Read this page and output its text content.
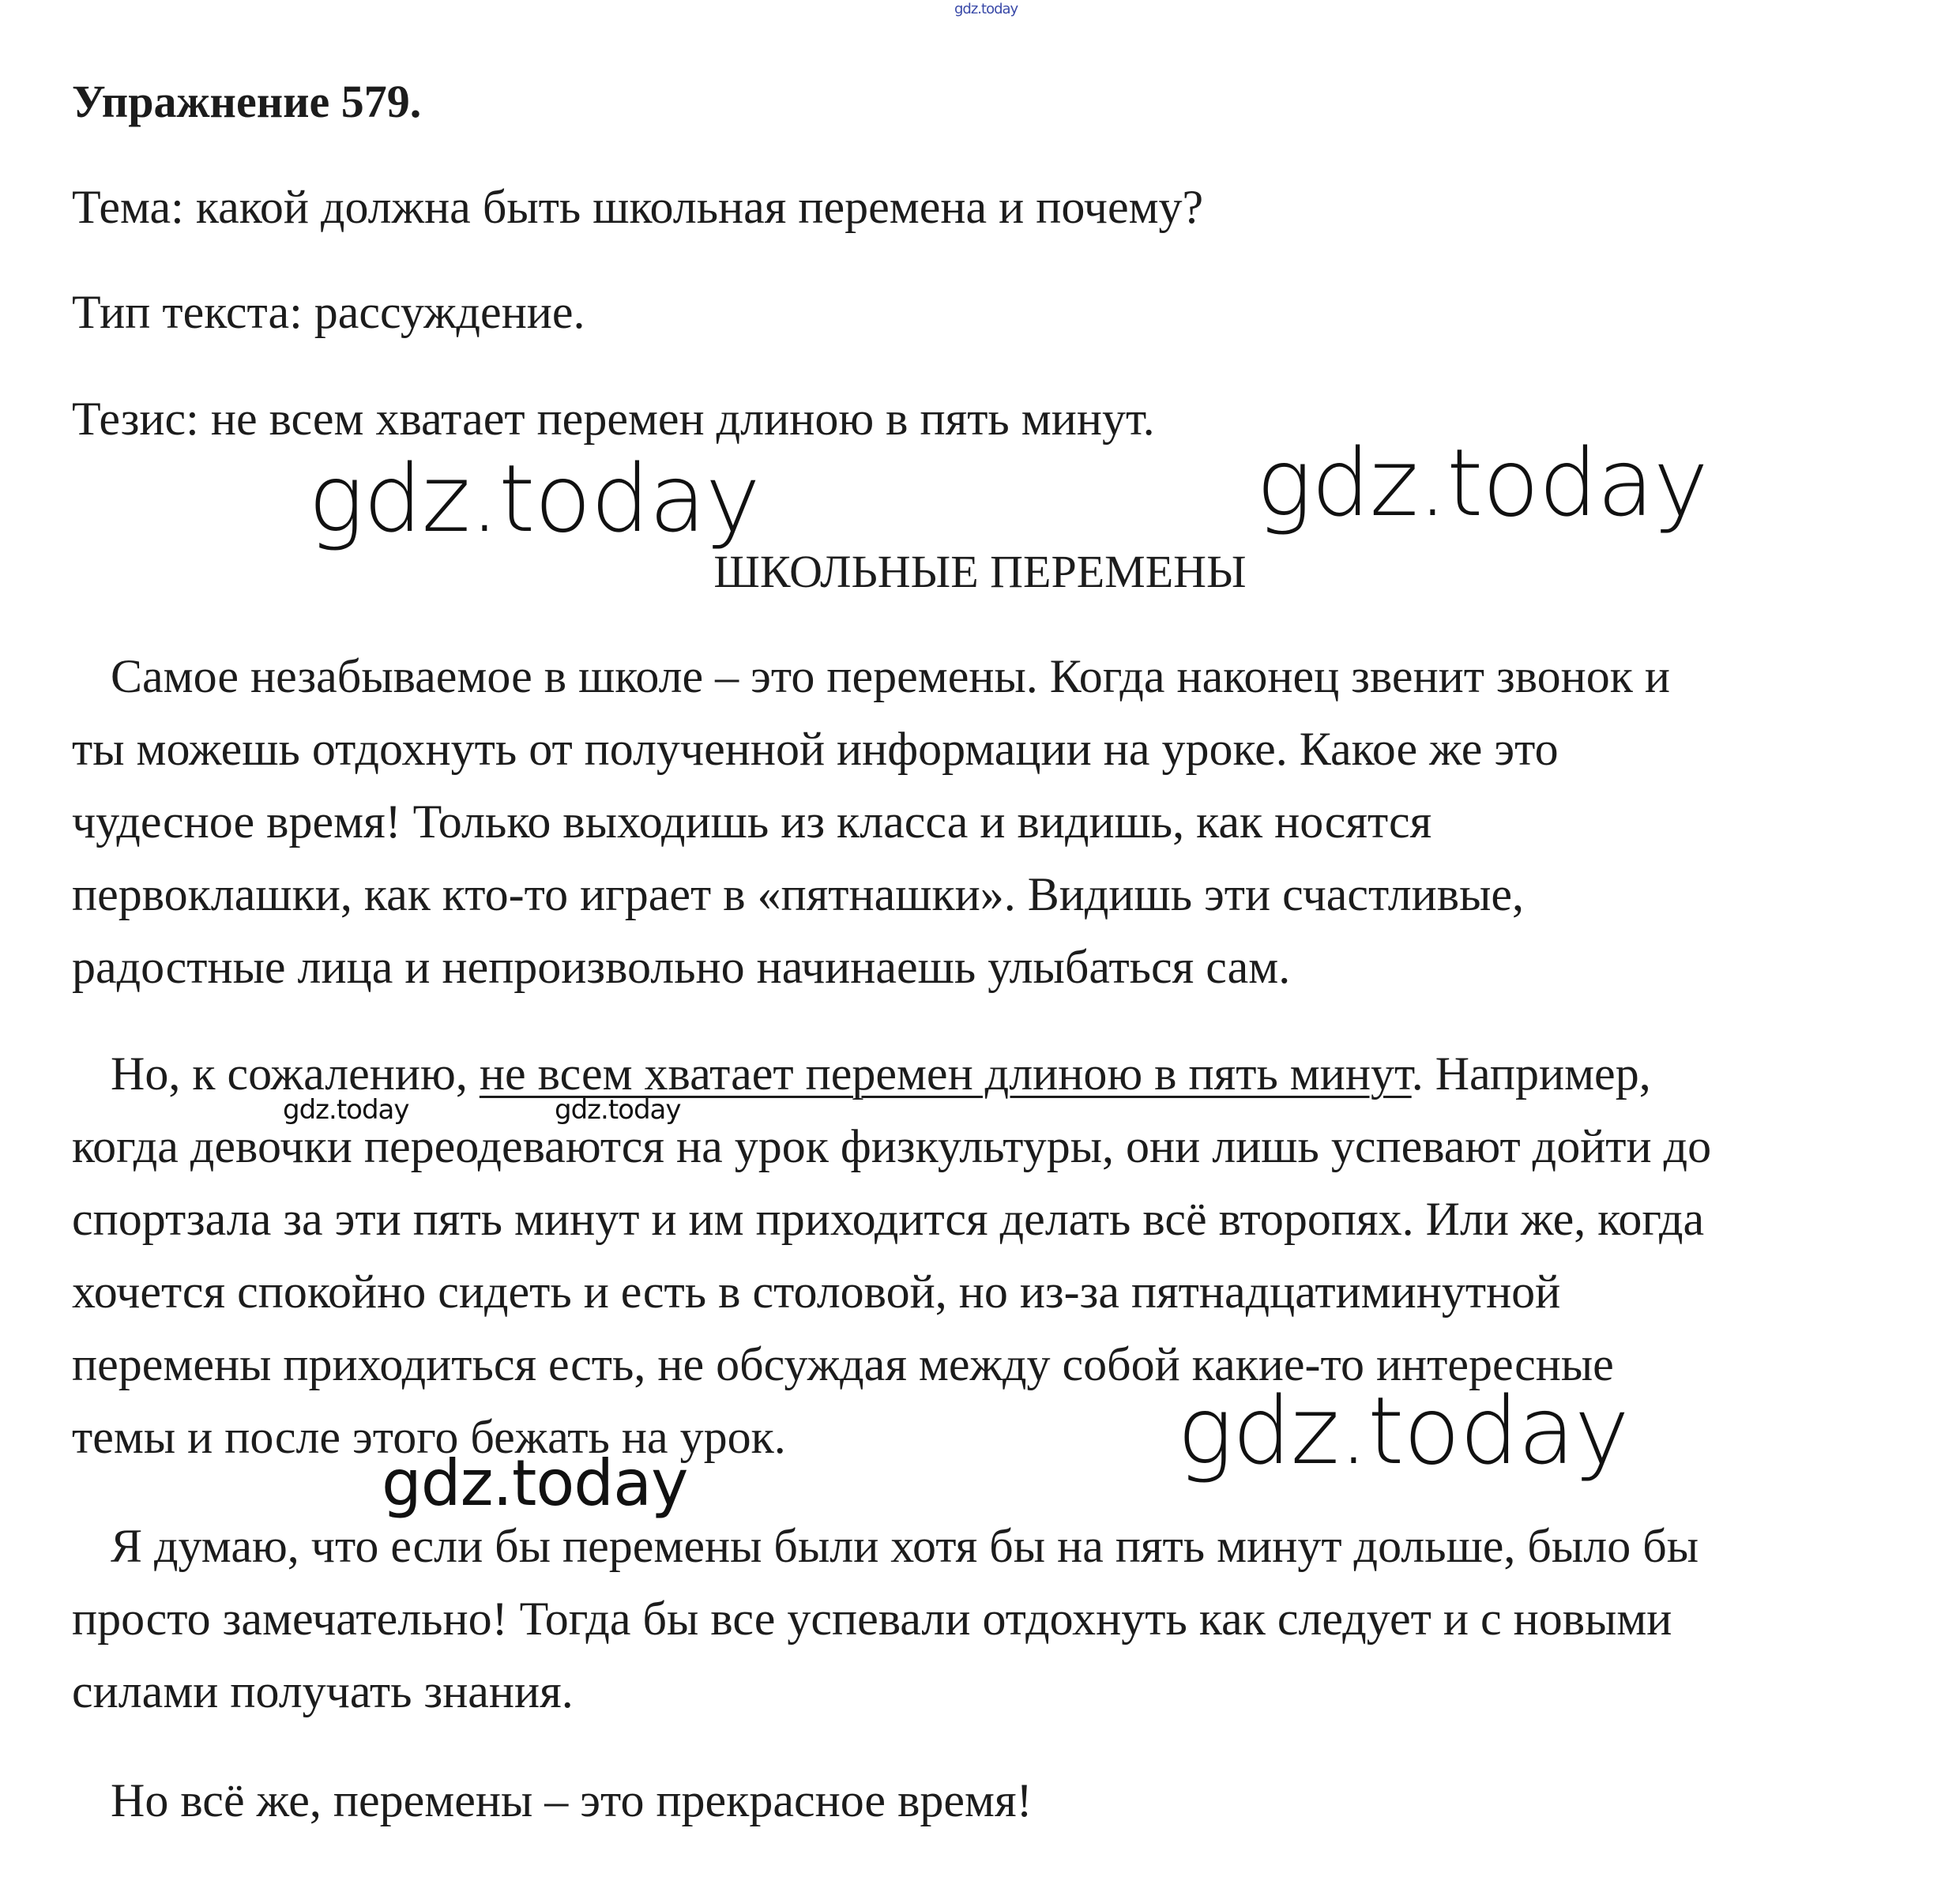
gdz.today
Упражнение 579.
Тема: какой должна быть школьная перемена и почему?
Тип текста: рассуждение.
Тезис: не всем хватает перемен длиною в пять минут.
gdz.today	gdz.today
ШКОЛЬНЫЕ ПЕРЕМЕНЫ
Самое незабываемое в школе – это перемены. Когда наконец звенит звонок и
ты можешь отдохнуть от полученной информации на уроке. Какое же это
чудесное время! Только выходишь из класса и видишь, как носятся
первоклашки, как кто-то играет в «пятнашки». Видишь эти счастливые,
радостные лица и непроизвольно начинаешь улыбаться сам.
Но, к сожалению, не всем хватает перемен длиною в пять минут. Например,
gdz.today	gdz.today
когда девочки переодеваются на урок физкультуры, они лишь успевают дойти до
спортзала за эти пять минут и им приходится делать всё второпях. Или же, когда
хочется спокойно сидеть и есть в столовой, но из-за пятнадцатиминутной
перемены приходиться есть, не обсуждая между собой какие-то интересные
темы и после этого бежать на урок.	gdz.today
gdz.today
Я думаю, что если бы перемены были хотя бы на пять минут дольше, было бы
просто замечательно! Тогда бы все успевали отдохнуть как следует и с новыми
силами получать знания.
Но всё же, перемены – это прекрасное время!
